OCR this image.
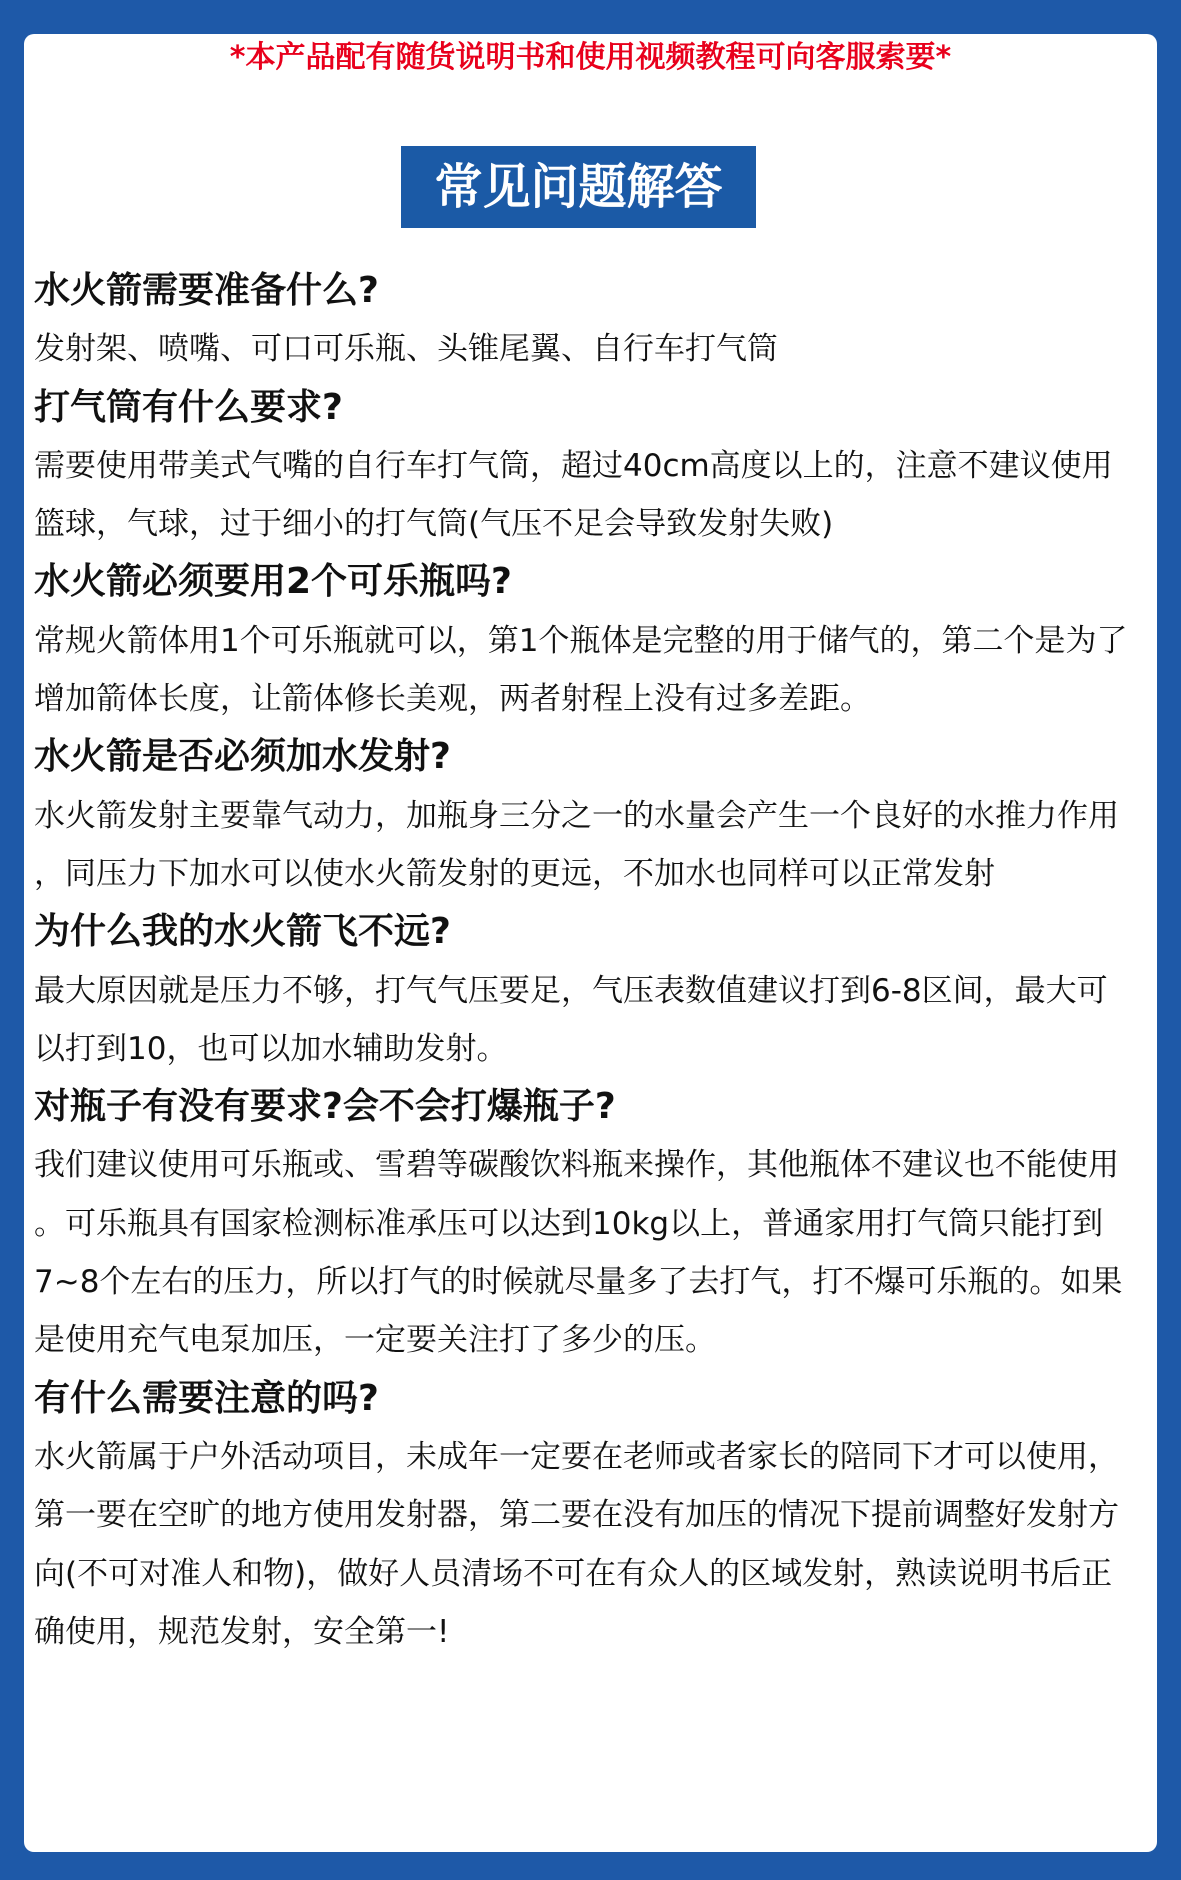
*本产品配有随货说明书和使用视频教程可向客服索要*
常见问题解答
水火箭需要准备什么?
发射架、喷嘴、可口可乐瓶、头锥尾翼、自行车打气筒
打气筒有什么要求?
需要使用带美式气嘴的自行车打气筒，超过40cm高度以上的，注意不建议使用
篮球，气球，过于细小的打气筒(气压不足会导致发射失败)
水火箭必须要用2个可乐瓶吗?
常规火箭体用1个可乐瓶就可以，第1个瓶体是完整的用于储气的，第二个是为了
增加箭体长度，让箭体修长美观，两者射程上没有过多差距。
水火箭是否必须加水发射?
水火箭发射主要靠气动力，加瓶身三分之一的水量会产生一个良好的水推力作用
，同压力下加水可以使水火箭发射的更远，不加水也同样可以正常发射
为什么我的水火箭飞不远?
最大原因就是压力不够，打气气压要足，气压表数值建议打到6-8区间，最大可
以打到10，也可以加水辅助发射。
对瓶子有没有要求?会不会打爆瓶子?
我们建议使用可乐瓶或、雪碧等碳酸饮料瓶来操作，其他瓶体不建议也不能使用
。可乐瓶具有国家检测标准承压可以达到10kg以上，普通家用打气筒只能打到
7~8个左右的压力，所以打气的时候就尽量多了去打气，打不爆可乐瓶的。如果
是使用充气电泵加压，一定要关注打了多少的压。
有什么需要注意的吗?
水火箭属于户外活动项目，未成年一定要在老师或者家长的陪同下才可以使用，
第一要在空旷的地方使用发射器，第二要在没有加压的情况下提前调整好发射方
向(不可对准人和物)，做好人员清场不可在有众人的区域发射，熟读说明书后正
确使用，规范发射，安全第一!
